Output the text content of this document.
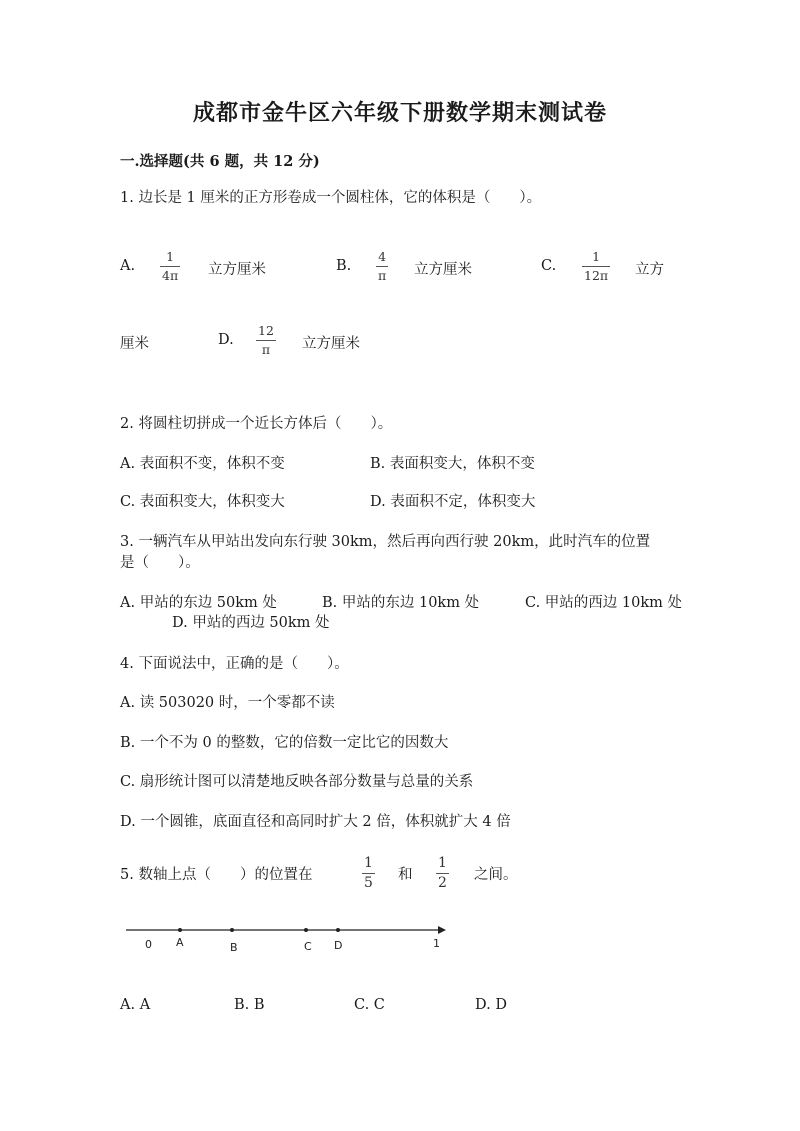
成都市金牛区六年级下册数学期末测试卷
一.选择题(共 6 题，共 12 分)
1. 边长是 1 厘米的正方形卷成一个圆柱体，它的体积是（　　）。
A.
1
4π 立方厘米	B.
4
π 立方厘米	C.
1
12π 立方
厘米	D.
12
π 立方厘米
2. 将圆柱切拼成一个近长方体后（　　）。
A. 表面积不变，体积不变	B. 表面积变大，体积不变
C. 表面积变大，体积变大	D. 表面积不定，体积变大
3. 一辆汽车从甲站出发向东行驶 30km，然后再向西行驶 20km，此时汽车的位置
是（　　）。
A. 甲站的东边 50km 处	B. 甲站的东边 10km 处	C. 甲站的西边 10km 处
D. 甲站的西边 50km 处
4. 下面说法中，正确的是（　　）。
A. 读 503020 时，一个零都不读
B. 一个不为 0 的整数，它的倍数一定比它的因数大
C. 扇形统计图可以清楚地反映各部分数量与总量的关系
D. 一个圆锥，底面直径和高同时扩大 2 倍，体积就扩大 4 倍
5. 数轴上点（　　）的位置在
1
5
和
1
2
之间。
0 A	B	C D	1
A. A	B. B	C. C	D. D
